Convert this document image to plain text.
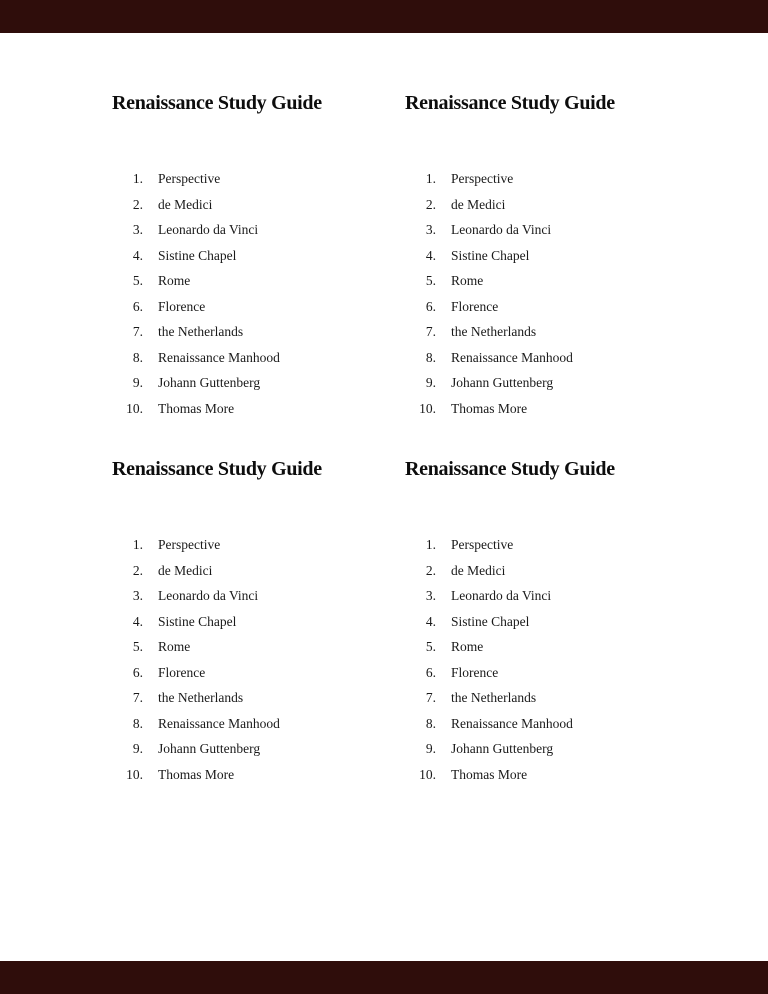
Renaissance Study Guide
1. Perspective
2. de Medici
3. Leonardo da Vinci
4. Sistine Chapel
5. Rome
6. Florence
7. the Netherlands
8. Renaissance Manhood
9. Johann Guttenberg
10. Thomas More
Renaissance Study Guide
1. Perspective
2. de Medici
3. Leonardo da Vinci
4. Sistine Chapel
5. Rome
6. Florence
7. the Netherlands
8. Renaissance Manhood
9. Johann Guttenberg
10. Thomas More
Renaissance Study Guide
1. Perspective
2. de Medici
3. Leonardo da Vinci
4. Sistine Chapel
5. Rome
6. Florence
7. the Netherlands
8. Renaissance Manhood
9. Johann Guttenberg
10. Thomas More
Renaissance Study Guide
1. Perspective
2. de Medici
3. Leonardo da Vinci
4. Sistine Chapel
5. Rome
6. Florence
7. the Netherlands
8. Renaissance Manhood
9. Johann Guttenberg
10. Thomas More
